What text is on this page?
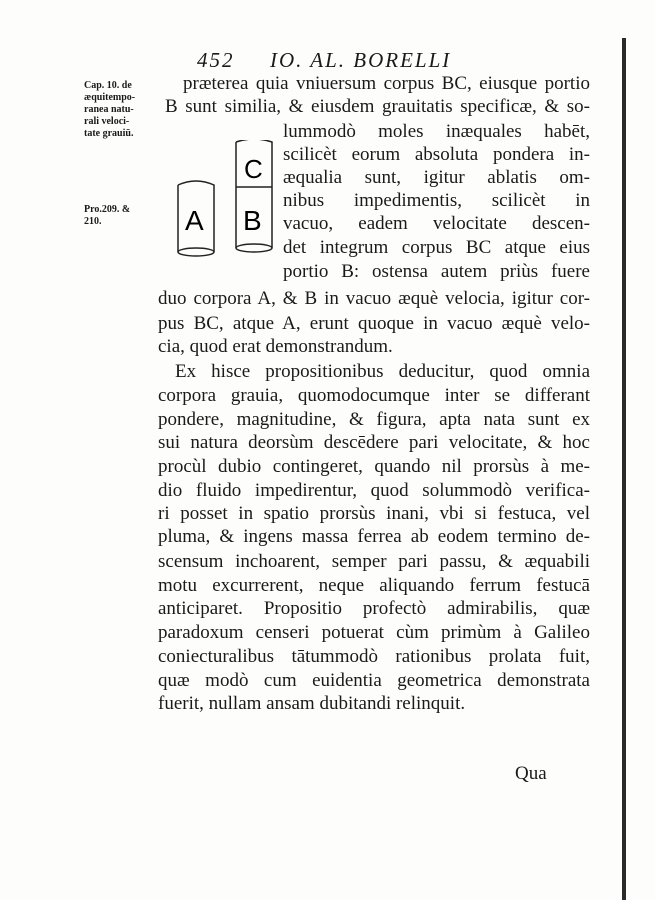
452 IO. AL. BORELLI
Cap. 10. de
æquitempo-
ranea natu-
rali veloci-
tate grauiū.
Pro.209. &
210.	A B
C
præterea quia vniuersum corpus BC, eiusque portio
B sunt similia, & eiusdem grauitatis specificæ, & so-
lummodò moles inæquales habēt,
scilicèt eorum absoluta pondera in-
æqualia sunt, igitur ablatis om-
nibus impedimentis, scilicèt in
vacuo, eadem velocitate descen-
det integrum corpus BC atque eius
portio B: ostensa autem priùs fuere
duo corpora A, & B in vacuo æquè velocia, igitur cor-
pus BC, atque A, erunt quoque in vacuo æquè velo-
cia, quod erat demonstrandum.
Ex hisce propositionibus deducitur, quod omnia
corpora grauia, quomodocumque inter se differant
pondere, magnitudine, & figura, apta nata sunt ex
sui natura deorsùm descēdere pari velocitate, & hoc
procùl dubio contingeret, quando nil prorsùs à me-
dio fluido impedirentur, quod solummodò verifica-
ri posset in spatio prorsùs inani, vbi si festuca, vel
pluma, & ingens massa ferrea ab eodem termino de-
scensum inchoarent, semper pari passu, & æquabili
motu excurrerent, neque aliquando ferrum festucā
anticiparet. Propositio profectò admirabilis, quæ
paradoxum censeri potuerat cùm primùm à Galileo
coniecturalibus tātummodò rationibus prolata fuit,
quæ modò cum euidentia geometrica demonstrata
fuerit, nullam ansam dubitandi relinquit.
Qua
